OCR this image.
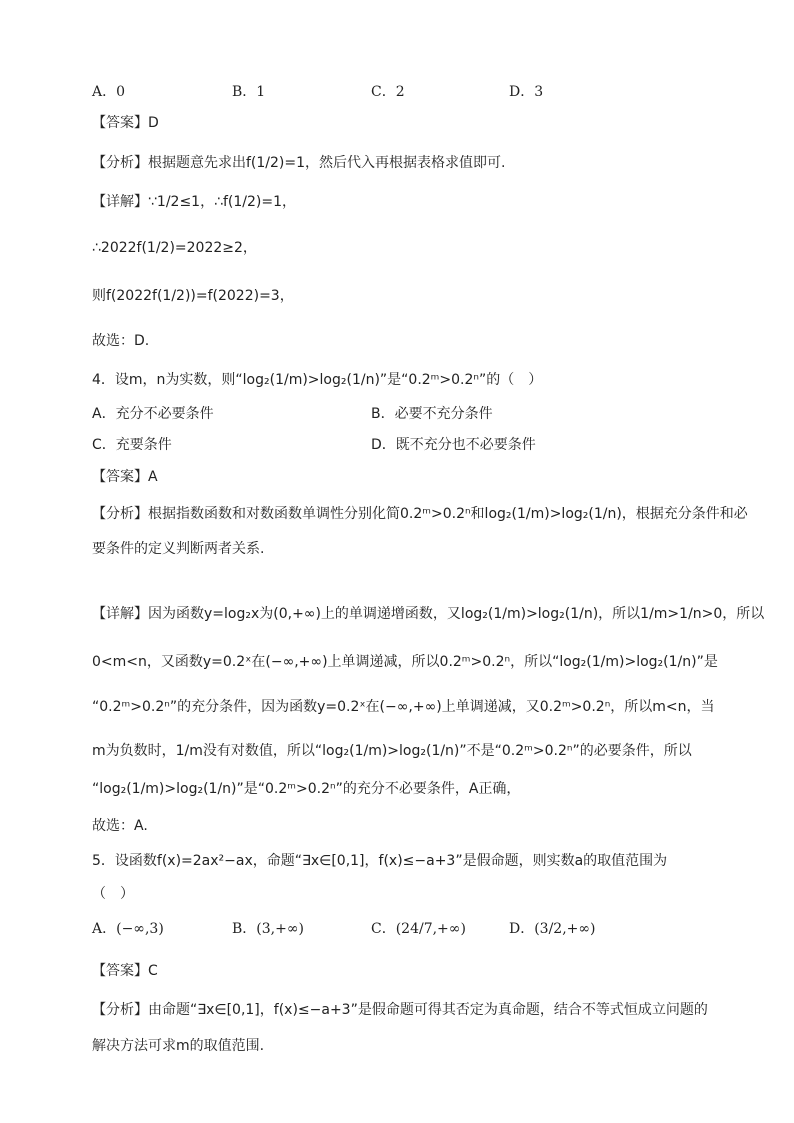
A．0	B．1	C．2	D．3
【答案】D
【分析】根据题意先求出f(1/2)=1，然后代入再根据表格求值即可.
【详解】∵1/2≤1，∴f(1/2)=1，
∴2022f(1/2)=2022≥2，
则f(2022f(1/2))=f(2022)=3，
故选：D.
4．设m，n为实数，则“log₂(1/m)>log₂(1/n)”是“0.2ᵐ>0.2ⁿ”的（　）
A．充分不必要条件	B．必要不充分条件
C．充要条件	D．既不充分也不必要条件
【答案】A
【分析】根据指数函数和对数函数单调性分别化简0.2ᵐ>0.2ⁿ和log₂(1/m)>log₂(1/n)，根据充分条件和必
要条件的定义判断两者关系.
【详解】因为函数y=log₂x为(0,+∞)上的单调递增函数，又log₂(1/m)>log₂(1/n)，所以1/m>1/n>0，所以
0<m<n，又函数y=0.2ˣ在(−∞,+∞)上单调递减，所以0.2ᵐ>0.2ⁿ，所以“log₂(1/m)>log₂(1/n)”是
“0.2ᵐ>0.2ⁿ”的充分条件，因为函数y=0.2ˣ在(−∞,+∞)上单调递减，又0.2ᵐ>0.2ⁿ，所以m<n，当
m为负数时，1/m没有对数值，所以“log₂(1/m)>log₂(1/n)”不是“0.2ᵐ>0.2ⁿ”的必要条件，所以
“log₂(1/m)>log₂(1/n)”是“0.2ᵐ>0.2ⁿ”的充分不必要条件，A正确，
故选：A.
5．设函数f(x)=2ax²−ax，命题“∃x∈[0,1]，f(x)≤−a+3”是假命题，则实数a的取值范围为
（　）
A．(−∞,3)	B．(3,+∞)	C．(24/7,+∞)	D．(3/2,+∞)
【答案】C
【分析】由命题“∃x∈[0,1]，f(x)≤−a+3”是假命题可得其否定为真命题，结合不等式恒成立问题的
解决方法可求m的取值范围.
